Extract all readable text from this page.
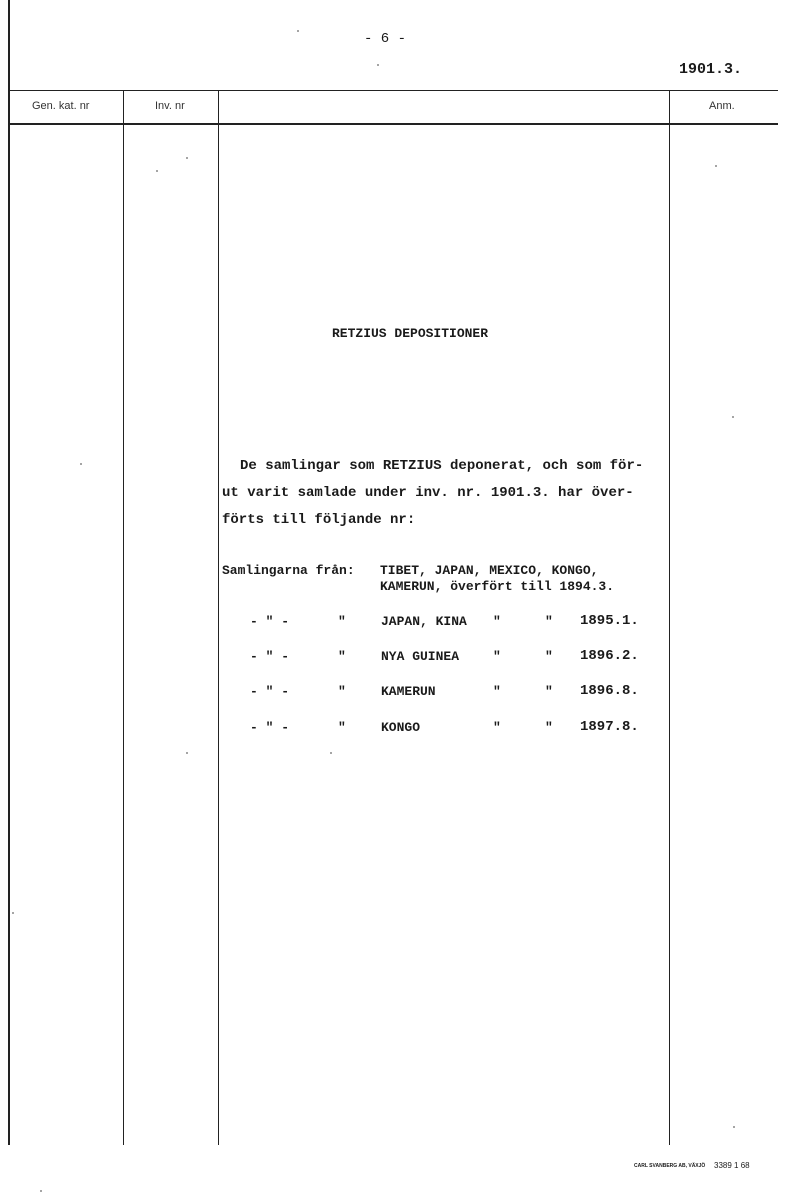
- 6 -
1901.3.
Gen. kat. nr	Inv. nr	Anm.
RETZIUS DEPOSITIONER
De samlingar som RETZIUS deponerat, och som för-
ut varit samlade under inv. nr. 1901.3. har över-
förts till följande nr:
Samlingarna från: TIBET, JAPAN, MEXICO, KONGO,
KAMERUN, överfört till 1894.3.
- " -	"	JAPAN, KINA "	" 1895.1.
- " -	"	NYA GUINEA	"	" 1896.2.
- " -	"	KAMERUN	"	" 1896.8.
- " -	"	KONGO	"	" 1897.8.
CARL SVANBERG AB, VÄXJÖ 3389 1 68
